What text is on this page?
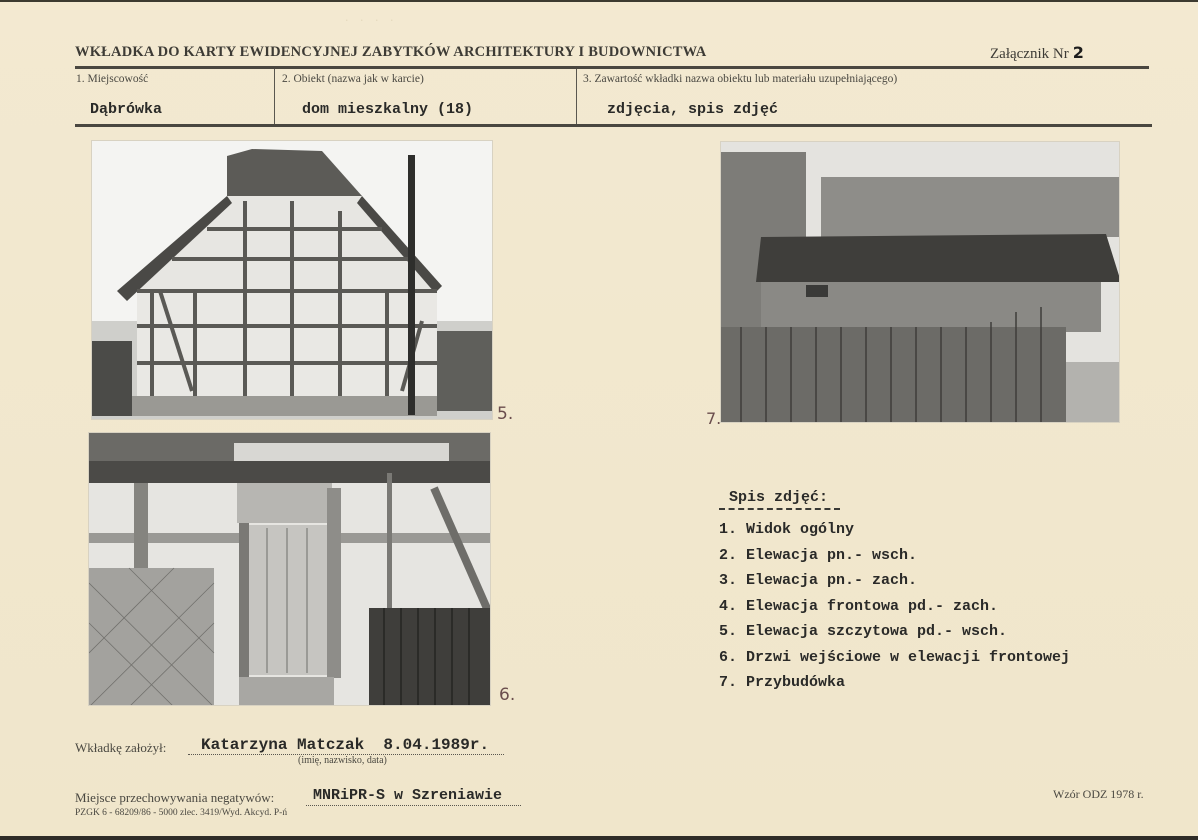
· · · ·
WKŁADKA DO KARTY EWIDENCYJNEJ ZABYTKÓW ARCHITEKTURY I BUDOWNICTWA	Załącznik Nr 2
1. Miejscowość
Dąbrówka
2. Obiekt (nazwa jak w karcie)
dom mieszkalny (18)
3. Zawartość wkładki nazwa obiektu lub materiału uzupełniającego)
zdjęcia, spis zdjęć
5.	7.
6.
Spis zdjęć:
1. Widok ogólny
2. Elewacja pn.- wsch.
3. Elewacja pn.- zach.
4. Elewacja frontowa pd.- zach.
5. Elewacja szczytowa pd.- wsch.
6. Drzwi wejściowe w elewacji frontowej
7. Przybudówka
Wkładkę założył: Katarzyna Matczak  8.04.1989r.
(imię, nazwisko, data)
Miejsce przechowywania negatywów:	MNRiPR-S w Szreniawie
PZGK 6 - 68209/86 - 5000 zlec. 3419/Wyd. Akcyd. P-ń
Wzór ODZ 1978 r.
